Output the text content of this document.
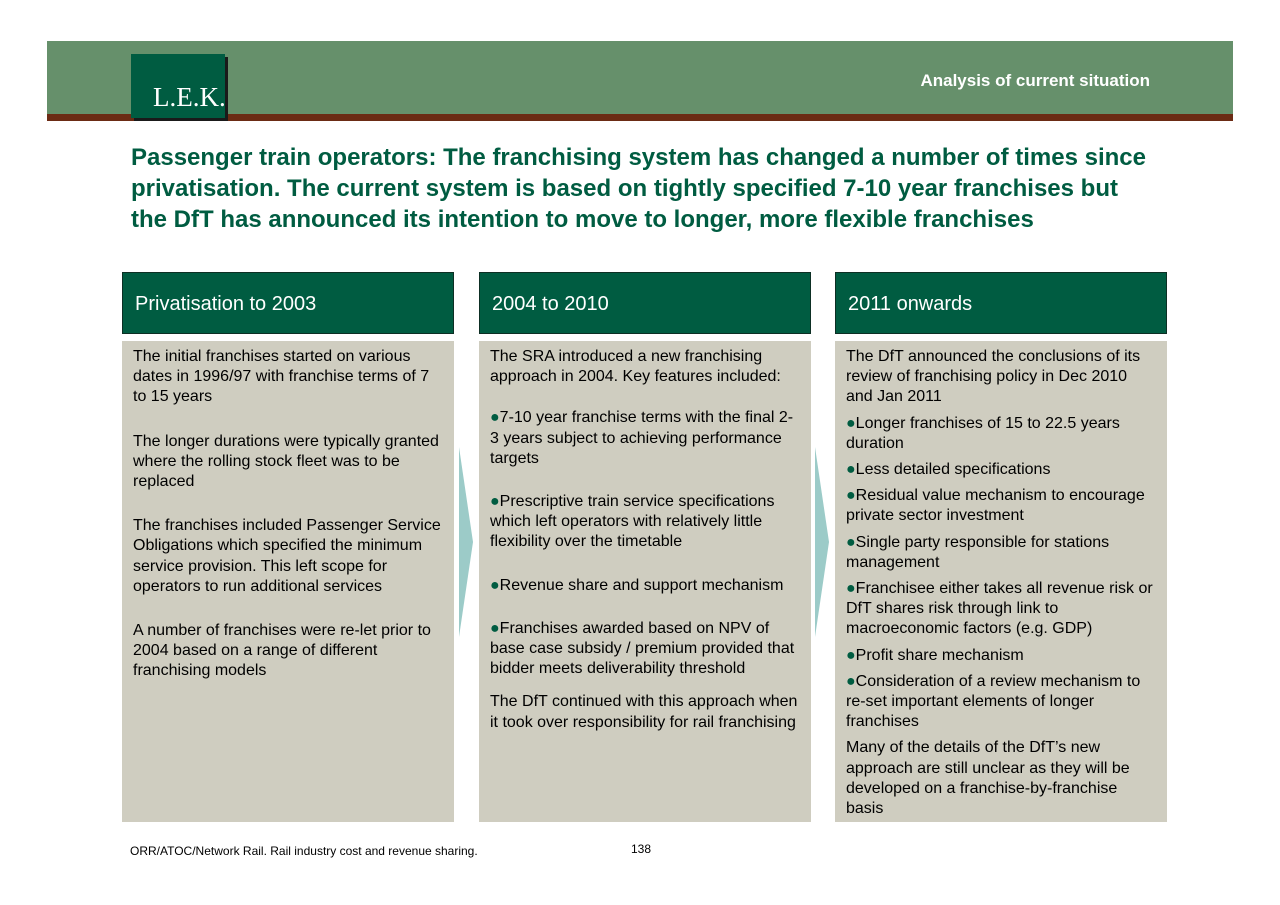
L.E.K.
Analysis of current situation
Passenger train operators: The franchising system has changed a number of times since privatisation. The current system is based on tightly specified 7-10 year franchises but the DfT has announced its intention to move to longer, more flexible franchises
Privatisation to 2003

The initial franchises started on various dates in 1996/97 with franchise terms of 7 to 15 years

The longer durations were typically granted where the rolling stock fleet was to be replaced

The franchises included Passenger Service Obligations which specified the minimum service provision. This left scope for operators to run additional services

A number of franchises were re-let prior to 2004 based on a range of different franchising models

2004 to 2010

The SRA introduced a new franchising approach in 2004. Key features included:

●7-10 year franchise terms with the final 2-3 years subject to achieving performance targets

●Prescriptive train service specifications which left operators with relatively little flexibility over the timetable

●Revenue share and support mechanism

●Franchises awarded based on NPV of base case subsidy / premium provided that bidder meets deliverability threshold

The DfT continued with this approach when it took over responsibility for rail franchising

2011 onwards

The DfT announced the conclusions of its review of franchising policy in Dec 2010 and Jan 2011

●Longer franchises of 15 to 22.5 years duration

●Less detailed specifications

●Residual value mechanism to encourage private sector investment

●Single party responsible for stations management

●Franchisee either takes all revenue risk or DfT shares risk through link to macroeconomic factors (e.g. GDP)

●Profit share mechanism

●Consideration of a review mechanism to re-set important elements of longer franchises

Many of the details of the DfT’s new approach are still unclear as they will be developed on a franchise-by-franchise basis

ORR/ATOC/Network Rail. Rail industry cost and revenue sharing.	138
